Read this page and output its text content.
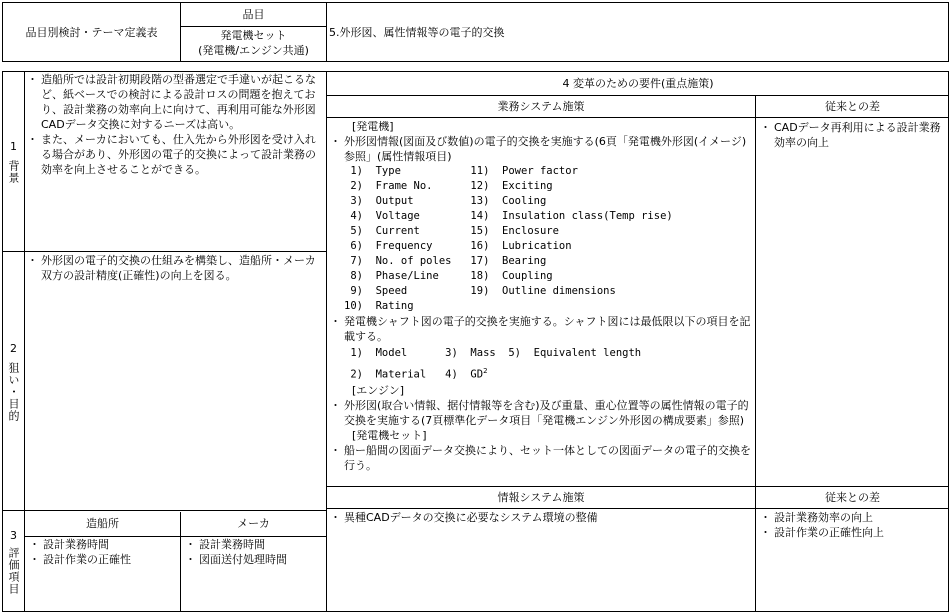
品目別検討・テーマ定義表
品目
発電機セット
(発電機/エンジン共通)
5.外形図、属性情報等の電子的交換
1
背景
2
狙い・目的
3
評価項目
・ 造船所では設計初期段階の型番選定で手違いが起こるなど、紙ベースでの検討による設計ロスの問題を抱えており、設計業務の効率向上に向けて、再利用可能な外形図CADデータ交換に対するニーズは高い。
・ また、メーカにおいても、仕入先から外形図を受け入れる場合があり、外形図の電子的交換によって設計業務の効率を向上させることができる。
・ 外形図の電子的交換の仕組みを構築し、造船所・メーカ双方の設計精度(正確性)の向上を図る。
造船所	メーカ
・ 設計業務時間
・ 設計作業の正確性
・ 設計業務時間
・ 図面送付処理時間
4 変革のための要件(重点施策)
業務システム施策	従来との差
[発電機]
・ 外形図情報(図面及び数値)の電子的交換を実施する(6頁「発電機外形図(イメージ)参照」(属性情報項目)
1)  Type           11)  Power factor
2)  Frame No.      12)  Exciting
3)  Output         13)  Cooling
4)  Voltage        14)  Insulation class(Temp rise)
5)  Current        15)  Enclosure
6)  Frequency      16)  Lubrication
7)  No. of poles   17)  Bearing
8)  Phase/Line     18)  Coupling
9)  Speed          19)  Outline dimensions
10)  Rating
・ 発電機シャフト図の電子的交換を実施する。シャフト図には最低限以下の項目を記載する。
1)  Model      3)  Mass  5)  Equivalent length
2)  Material   4)  $GD^2$
[エンジン]
・ 外形図(取合い情報、据付情報等を含む)及び重量、重心位置等の属性情報の電子的交換を実施する(7頁標準化データ項目「発電機エンジン外形図の構成要素」参照)
[発電機セット]
・ 船ー船間の図面データ交換により、セット一体としての図面データの電子的交換を行う。
・ CADデータ再利用による設計業務効率の向上
情報システム施策	従来との差
・ 異種CADデータの交換に必要なシステム環境の整備
・	設計業務効率の向上
・ 設計作業の正確性向上
